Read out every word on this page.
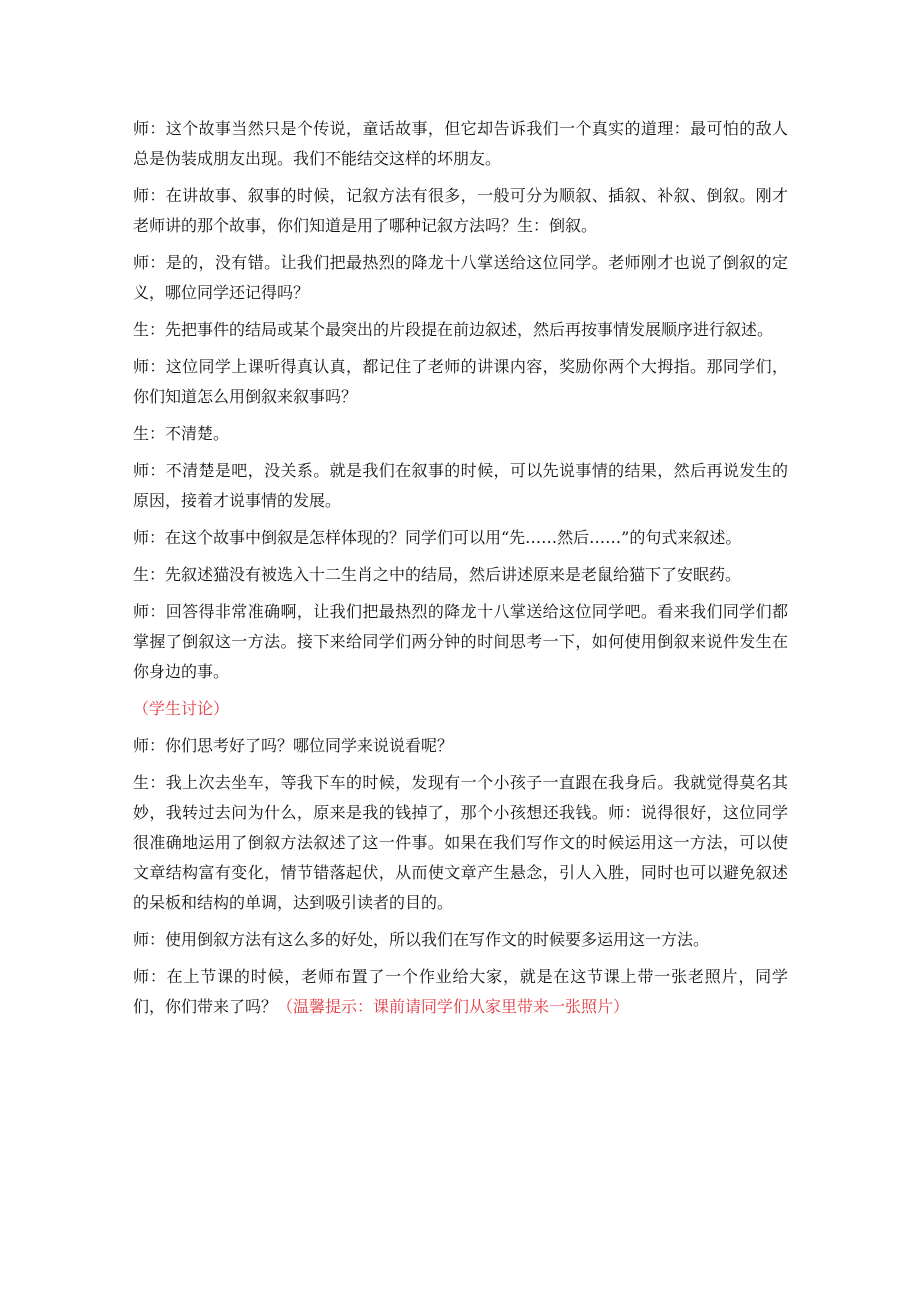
师：这个故事当然只是个传说，童话故事，但它却告诉我们一个真实的道理：最可怕的敌人总是伪装成朋友出现。我们不能结交这样的坏朋友。

师：在讲故事、叙事的时候，记叙方法有很多，一般可分为顺叙、插叙、补叙、倒叙。刚才老师讲的那个故事，你们知道是用了哪种记叙方法吗？生：倒叙。

师：是的，没有错。让我们把最热烈的降龙十八掌送给这位同学。老师刚才也说了倒叙的定义，哪位同学还记得吗？

生：先把事件的结局或某个最突出的片段提在前边叙述，然后再按事情发展顺序进行叙述。

师：这位同学上课听得真认真，都记住了老师的讲课内容，奖励你两个大拇指。那同学们，你们知道怎么用倒叙来叙事吗？

生：不清楚。

师：不清楚是吧，没关系。就是我们在叙事的时候，可以先说事情的结果，然后再说发生的原因，接着才说事情的发展。

师：在这个故事中倒叙是怎样体现的？同学们可以用“先……然后……”的句式来叙述。

生：先叙述猫没有被选入十二生肖之中的结局，然后讲述原来是老鼠给猫下了安眠药。

师：回答得非常准确啊，让我们把最热烈的降龙十八掌送给这位同学吧。看来我们同学们都掌握了倒叙这一方法。接下来给同学们两分钟的时间思考一下，如何使用倒叙来说件发生在你身边的事。

（学生讨论）

师：你们思考好了吗？哪位同学来说说看呢？

生：我上次去坐车，等我下车的时候，发现有一个小孩子一直跟在我身后。我就觉得莫名其妙，我转过去问为什么，原来是我的钱掉了，那个小孩想还我钱。师：说得很好，这位同学很准确地运用了倒叙方法叙述了这一件事。如果在我们写作文的时候运用这一方法，可以使文章结构富有变化，情节错落起伏，从而使文章产生悬念，引人入胜，同时也可以避免叙述的呆板和结构的单调，达到吸引读者的目的。

师：使用倒叙方法有这么多的好处，所以我们在写作文的时候要多运用这一方法。

师：在上节课的时候，老师布置了一个作业给大家，就是在这节课上带一张老照片，同学们，你们带来了吗？（温馨提示：课前请同学们从家里带来一张照片）
